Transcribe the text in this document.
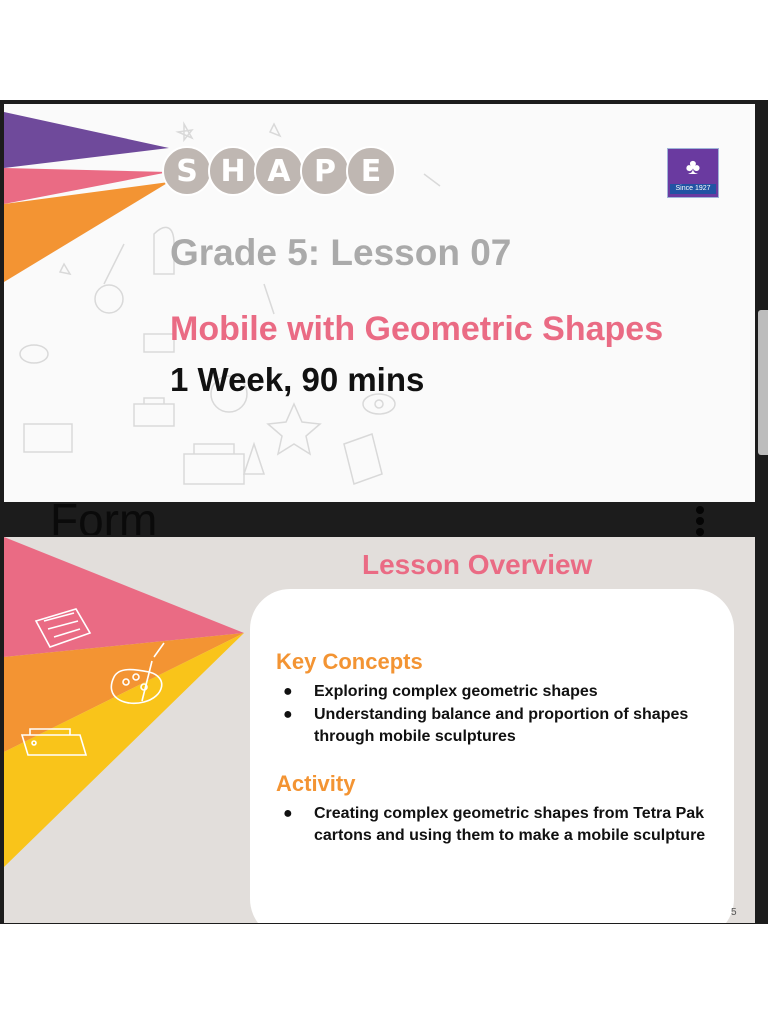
S H A P E	♣
Since 1927
Grade 5: Lesson 07
Mobile with Geometric Shapes
1 Week, 90 mins
Form
Lesson Overview
Key Concepts
● Exploring complex geometric shapes
● Understanding balance and proportion of shapes through mobile sculptures
Activity
● Creating complex geometric shapes from Tetra Pak cartons and using them to make a mobile sculpture
5
